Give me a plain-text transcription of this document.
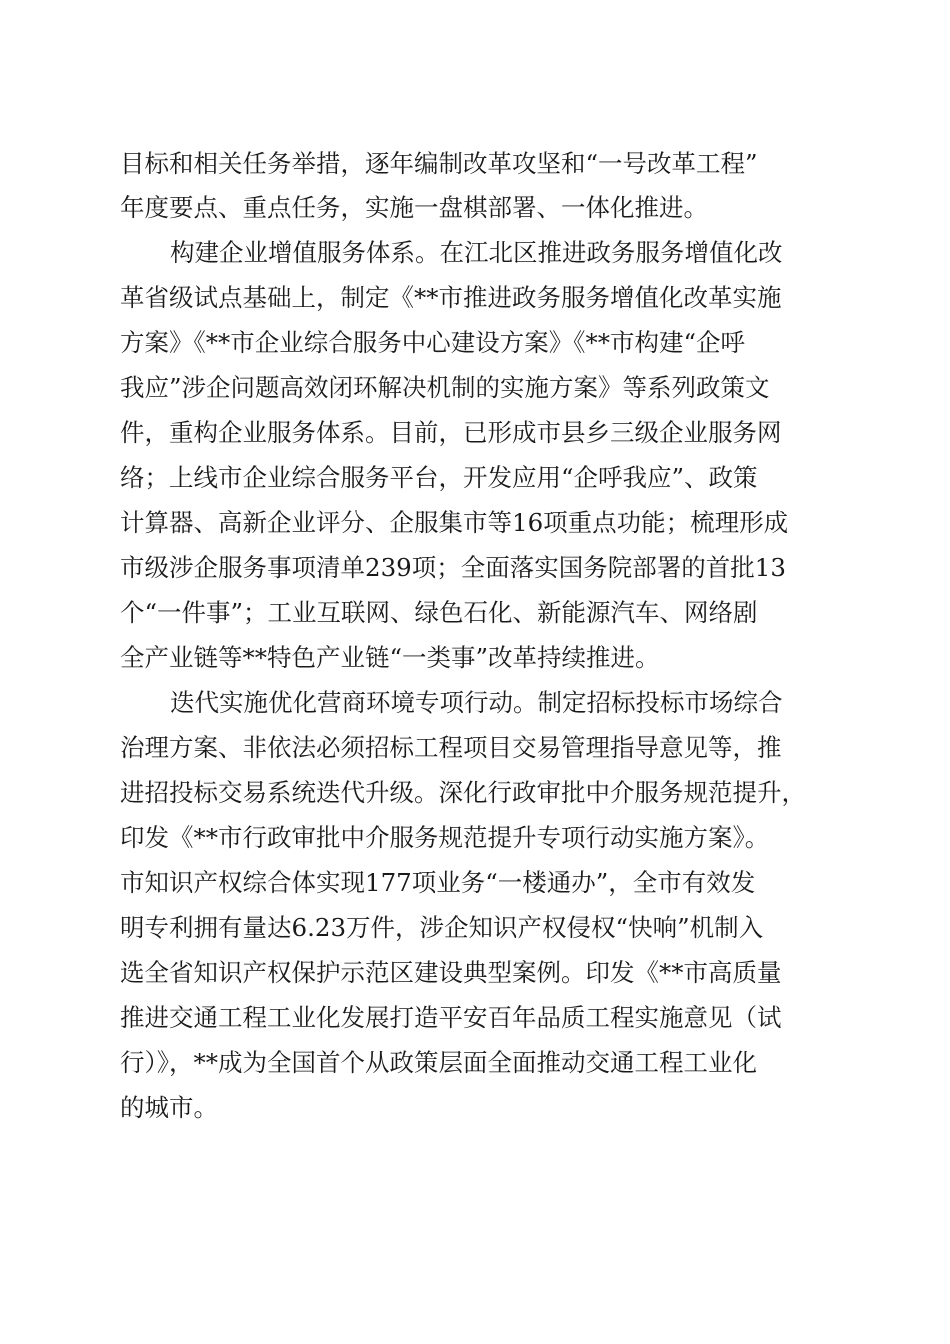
目标和相关任务举措，逐年编制改革攻坚和“一号改革工程”
年度要点、重点任务，实施一盘棋部署、一体化推进。
构建企业增值服务体系。在江北区推进政务服务增值化改
革省级试点基础上，制定《**市推进政务服务增值化改革实施
方案》《**市企业综合服务中心建设方案》《**市构建“企呼
我应”涉企问题高效闭环解决机制的实施方案》等系列政策文
件，重构企业服务体系。目前，已形成市县乡三级企业服务网
络；上线市企业综合服务平台，开发应用“企呼我应”、政策
计算器、高新企业评分、企服集市等16项重点功能；梳理形成
市级涉企服务事项清单239项；全面落实国务院部署的首批13
个“一件事”；工业互联网、绿色石化、新能源汽车、网络剧
全产业链等**特色产业链“一类事”改革持续推进。
迭代实施优化营商环境专项行动。制定招标投标市场综合
治理方案、非依法必须招标工程项目交易管理指导意见等，推
进招投标交易系统迭代升级。深化行政审批中介服务规范提升，
印发《**市行政审批中介服务规范提升专项行动实施方案》。
市知识产权综合体实现177项业务“一楼通办”，全市有效发
明专利拥有量达6.23万件，涉企知识产权侵权“快响”机制入
选全省知识产权保护示范区建设典型案例。印发《**市高质量
推进交通工程工业化发展打造平安百年品质工程实施意见（试
行）》，**成为全国首个从政策层面全面推动交通工程工业化
的城市。
